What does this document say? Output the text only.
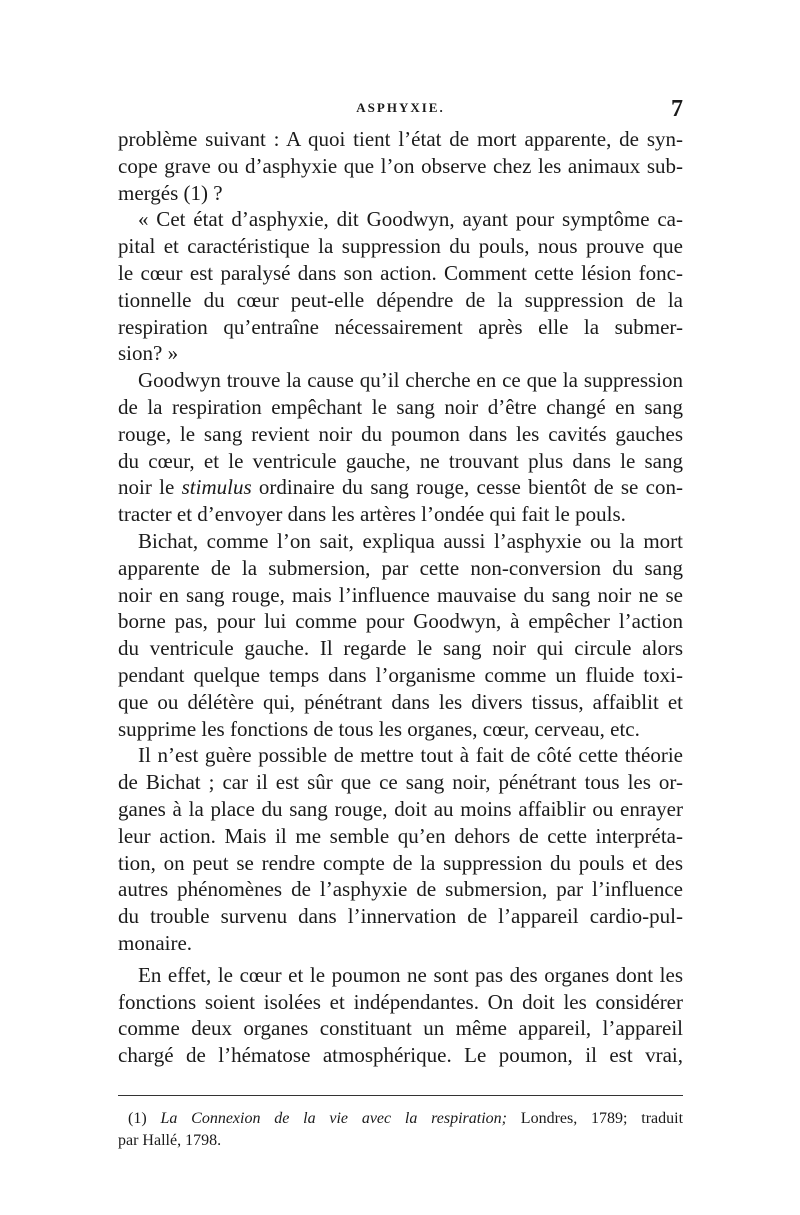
ASPHYXIE.	7
problème suivant : A quoi tient l’état de mort apparente, de syn-
cope grave ou d’asphyxie que l’on observe chez les animaux sub-
mergés (1) ?
« Cet état d’asphyxie, dit Goodwyn, ayant pour symptôme ca-
pital et caractéristique la suppression du pouls, nous prouve que
le cœur est paralysé dans son action. Comment cette lésion fonc-
tionnelle du cœur peut-elle dépendre de la suppression de la
respiration qu’entraîne nécessairement après elle la submer-
sion? »
Goodwyn trouve la cause qu’il cherche en ce que la suppression
de la respiration empêchant le sang noir d’être changé en sang
rouge, le sang revient noir du poumon dans les cavités gauches
du cœur, et le ventricule gauche, ne trouvant plus dans le sang
noir le stimulus ordinaire du sang rouge, cesse bientôt de se con-
tracter et d’envoyer dans les artères l’ondée qui fait le pouls.
Bichat, comme l’on sait, expliqua aussi l’asphyxie ou la mort
apparente de la submersion, par cette non-conversion du sang
noir en sang rouge, mais l’influence mauvaise du sang noir ne se
borne pas, pour lui comme pour Goodwyn, à empêcher l’action
du ventricule gauche. Il regarde le sang noir qui circule alors
pendant quelque temps dans l’organisme comme un fluide toxi-
que ou délétère qui, pénétrant dans les divers tissus, affaiblit et
supprime les fonctions de tous les organes, cœur, cerveau, etc.
Il n’est guère possible de mettre tout à fait de côté cette théorie
de Bichat ; car il est sûr que ce sang noir, pénétrant tous les or-
ganes à la place du sang rouge, doit au moins affaiblir ou enrayer
leur action. Mais il me semble qu’en dehors de cette interpréta-
tion, on peut se rendre compte de la suppression du pouls et des
autres phénomènes de l’asphyxie de submersion, par l’influence
du trouble survenu dans l’innervation de l’appareil cardio-pul-
monaire.
En effet, le cœur et le poumon ne sont pas des organes dont les
fonctions soient isolées et indépendantes. On doit les considérer
comme deux organes constituant un même appareil, l’appareil
chargé de l’hématose atmosphérique. Le poumon, il est vrai,
(1) La Connexion de la vie avec la respiration; Londres, 1789; traduit
par Hallé, 1798.
